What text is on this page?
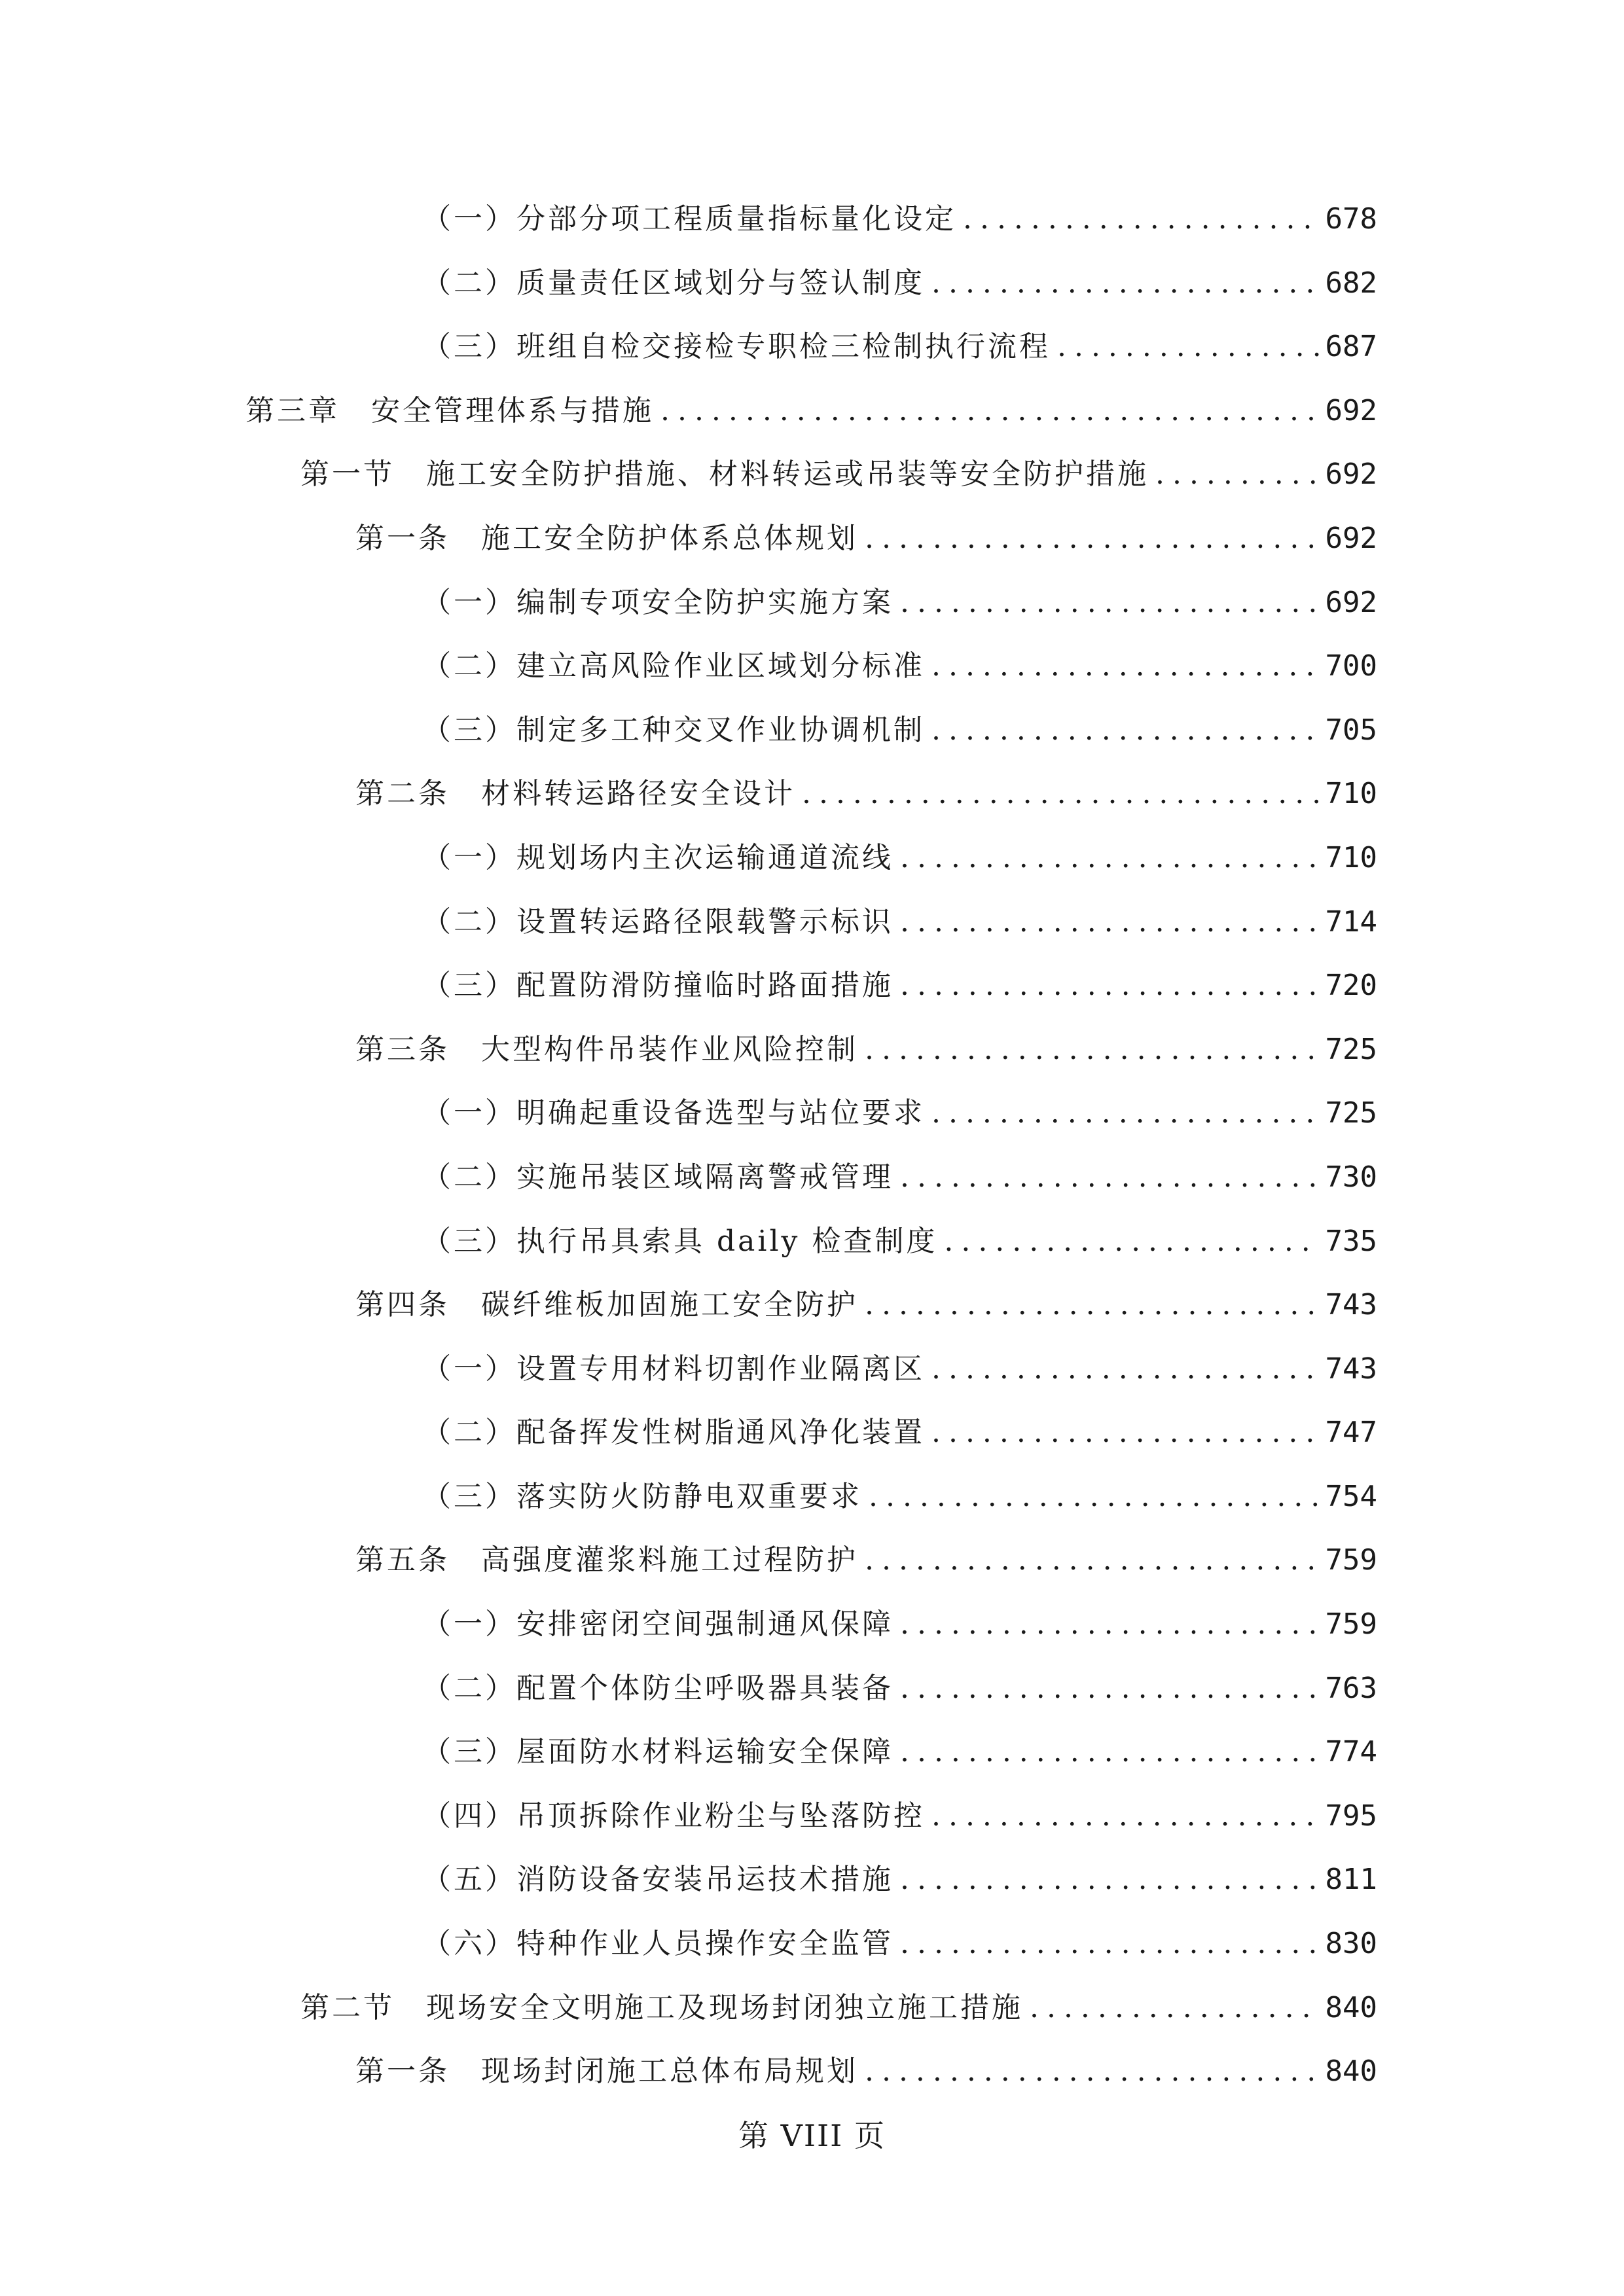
（一）分部分项工程质量指标量化设定 . . .	678
（二）质量责任区域划分与签认制度 . . .	682
（三）班组自检交接检专职检三检制执行流程 . . .	687
第三章　安全管理体系与措施 . . .	692
第一节　施工安全防护措施、材料转运或吊装等安全防护措施 . . .	692
第一条　施工安全防护体系总体规划 . . .	692
（一）编制专项安全防护实施方案 . . .	692
（二）建立高风险作业区域划分标准 . . .	700
（三）制定多工种交叉作业协调机制 . . .	705
第二条　材料转运路径安全设计 . . .	710
（一）规划场内主次运输通道流线 . . .	710
（二）设置转运路径限载警示标识 . . .	714
（三）配置防滑防撞临时路面措施 . . .	720
第三条　大型构件吊装作业风险控制 . . .	725
（一）明确起重设备选型与站位要求 . . .	725
（二）实施吊装区域隔离警戒管理 . . .	730
（三）执行吊具索具 daily 检查制度 . . .	735
第四条　碳纤维板加固施工安全防护 . . .	743
（一）设置专用材料切割作业隔离区 . . .	743
（二）配备挥发性树脂通风净化装置 . . .	747
（三）落实防火防静电双重要求 . . .	754
第五条　高强度灌浆料施工过程防护 . . .	759
（一）安排密闭空间强制通风保障 . . .	759
（二）配置个体防尘呼吸器具装备 . . .	763
（三）屋面防水材料运输安全保障 . . .	774
（四）吊顶拆除作业粉尘与坠落防控 . . .	795
（五）消防设备安装吊运技术措施 . . .	811
（六）特种作业人员操作安全监管 . . .	830
第二节　现场安全文明施工及现场封闭独立施工措施 . . .	840
第一条　现场封闭施工总体布局规划 . . .	840
第 VIII 页
